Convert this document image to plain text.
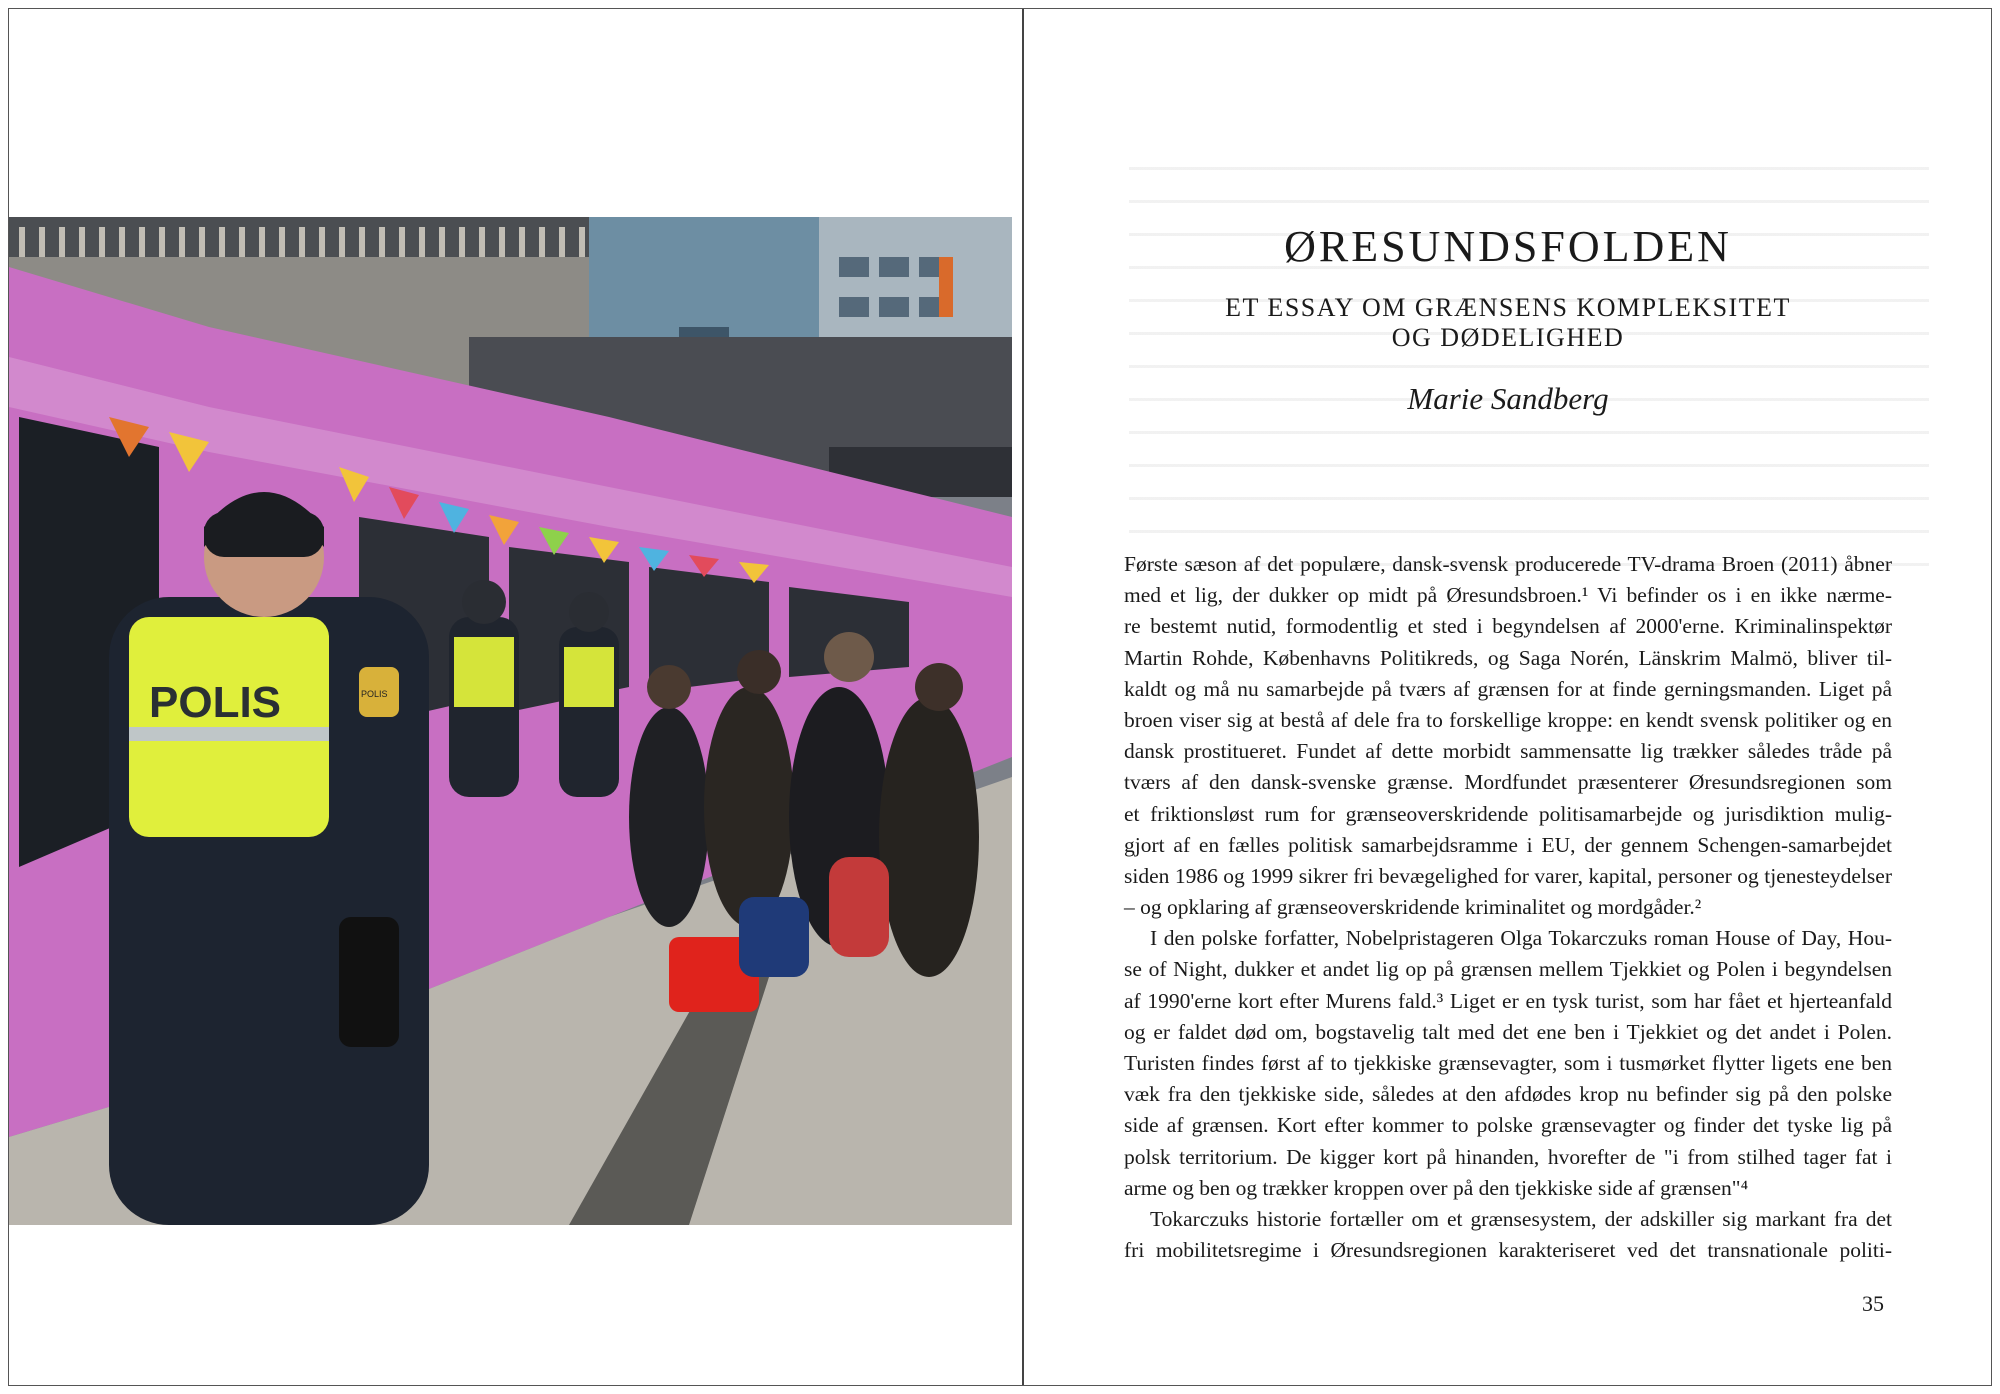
POLIS	POLIS
ØRESUNDSFOLDEN
ET ESSAY OM GRÆNSENS KOMPLEKSITET
OG DØDELIGHED
Marie Sandberg
Første sæson af det populære, dansk-svensk producerede TV-drama Broen (2011) åbner
med et lig, der dukker op midt på Øresundsbroen.¹ Vi befinder os i en ikke nærme-
re bestemt nutid, formodentlig et sted i begyndelsen af 2000'erne. Kriminalinspektør
Martin Rohde, Københavns Politikreds, og Saga Norén, Länskrim Malmö, bliver til-
kaldt og må nu samarbejde på tværs af grænsen for at finde gerningsmanden. Liget på
broen viser sig at bestå af dele fra to forskellige kroppe: en kendt svensk politiker og en
dansk prostitueret. Fundet af dette morbidt sammensatte lig trækker således tråde på
tværs af den dansk-svenske grænse. Mordfundet præsenterer Øresundsregionen som
et friktionsløst rum for grænseoverskridende politisamarbejde og jurisdiktion mulig-
gjort af en fælles politisk samarbejdsramme i EU, der gennem Schengen-samarbejdet
siden 1986 og 1999 sikrer fri bevægelighed for varer, kapital, personer og tjenesteydelser
– og opklaring af grænseoverskridende kriminalitet og mordgåder.²
I den polske forfatter, Nobelpristageren Olga Tokarczuks roman House of Day, Hou-
se of Night, dukker et andet lig op på grænsen mellem Tjekkiet og Polen i begyndelsen
af 1990'erne kort efter Murens fald.³ Liget er en tysk turist, som har fået et hjerteanfald
og er faldet død om, bogstavelig talt med det ene ben i Tjekkiet og det andet i Polen.
Turisten findes først af to tjekkiske grænsevagter, som i tusmørket flytter ligets ene ben
væk fra den tjekkiske side, således at den afdødes krop nu befinder sig på den polske
side af grænsen. Kort efter kommer to polske grænsevagter og finder det tyske lig på
polsk territorium. De kigger kort på hinanden, hvorefter de "i from stilhed tager fat i
arme og ben og trækker kroppen over på den tjekkiske side af grænsen"⁴
Tokarczuks historie fortæller om et grænsesystem, der adskiller sig markant fra det
fri mobilitetsregime i Øresundsregionen karakteriseret ved det transnationale politi-
35
